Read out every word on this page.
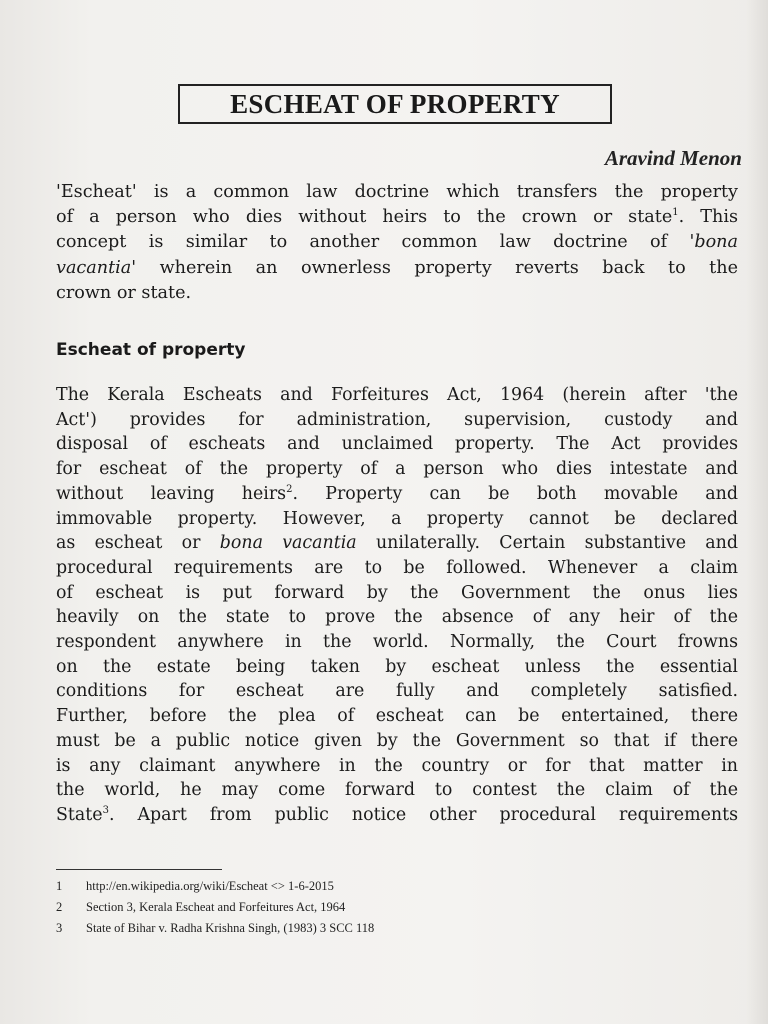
ESCHEAT OF PROPERTY
Aravind Menon
'Escheat' is a common law doctrine which transfers the property
of a person who dies without heirs to the crown or state$^1$. This
concept is similar to another common law doctrine of 'bona
vacantia' wherein an ownerless property reverts back to the
crown or state.
Escheat of property
The Kerala Escheats and Forfeitures Act, 1964 (herein after 'the
Act') provides for administration, supervision, custody and
disposal of escheats and unclaimed property. The Act provides
for escheat of the property of a person who dies intestate and
without leaving heirs$^2$. Property can be both movable and
immovable property. However, a property cannot be declared
as escheat or bona vacantia unilaterally. Certain substantive and
procedural requirements are to be followed. Whenever a claim
of escheat is put forward by the Government the onus lies
heavily on the state to prove the absence of any heir of the
respondent anywhere in the world. Normally, the Court frowns
on the estate being taken by escheat unless the essential
conditions for escheat are fully and completely satisfied.
Further, before the plea of escheat can be entertained, there
must be a public notice given by the Government so that if there
is any claimant anywhere in the country or for that matter in
the world, he may come forward to contest the claim of the
State$^3$. Apart from public notice other procedural requirements
1	http://en.wikipedia.org/wiki/Escheat <> 1-6-2015
2	Section 3, Kerala Escheat and Forfeitures Act, 1964
3	State of Bihar v. Radha Krishna Singh, (1983) 3 SCC 118
